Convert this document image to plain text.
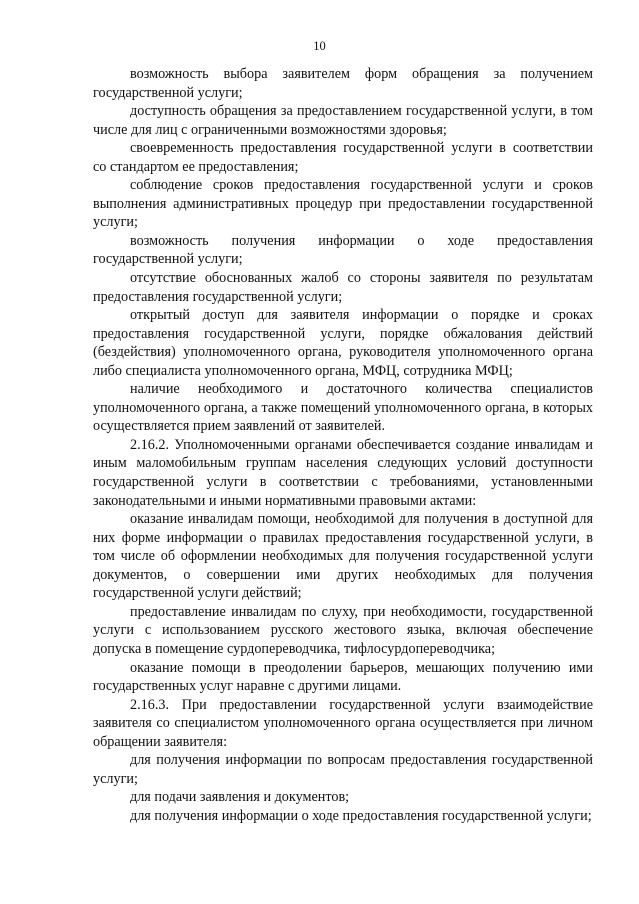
10

возможность выбора заявителем форм обращения за получением государственной услуги;

доступность обращения за предоставлением государственной услуги, в том числе для лиц с ограниченными возможностями здоровья;

своевременность предоставления государственной услуги в соответствии со стандартом ее предоставления;

соблюдение сроков предоставления государственной услуги и сроков выполнения административных процедур при предоставлении государственной услуги;

возможность получения информации о ходе предоставления государственной услуги;

отсутствие обоснованных жалоб со стороны заявителя по результатам предоставления государственной услуги;

открытый доступ для заявителя информации о порядке и сроках предоставления государственной услуги, порядке обжалования действий (бездействия) уполномоченного органа, руководителя уполномоченного органа либо специалиста уполномоченного органа, МФЦ, сотрудника МФЦ;

наличие необходимого и достаточного количества специалистов уполномоченного органа, а также помещений уполномоченного органа, в которых осуществляется прием заявлений от заявителей.

2.16.2. Уполномоченными органами обеспечивается создание инвалидам и иным маломобильным группам населения следующих условий доступности государственной услуги в соответствии с требованиями, установленными законодательными и иными нормативными правовыми актами:

оказание инвалидам помощи, необходимой для получения в доступной для них форме информации о правилах предоставления государственной услуги, в том числе об оформлении необходимых для получения государственной услуги документов, о совершении ими других необходимых для получения государственной услуги действий;

предоставление инвалидам по слуху, при необходимости, государственной услуги с использованием русского жестового языка, включая обеспечение допуска в помещение сурдопереводчика, тифлосурдопереводчика;

оказание помощи в преодолении барьеров, мешающих получению ими государственных услуг наравне с другими лицами.

2.16.3. При предоставлении государственной услуги взаимодействие заявителя со специалистом уполномоченного органа осуществляется при личном обращении заявителя:

для получения информации по вопросам предоставления государственной услуги;

для подачи заявления и документов;

для получения информации о ходе предоставления государственной услуги;
